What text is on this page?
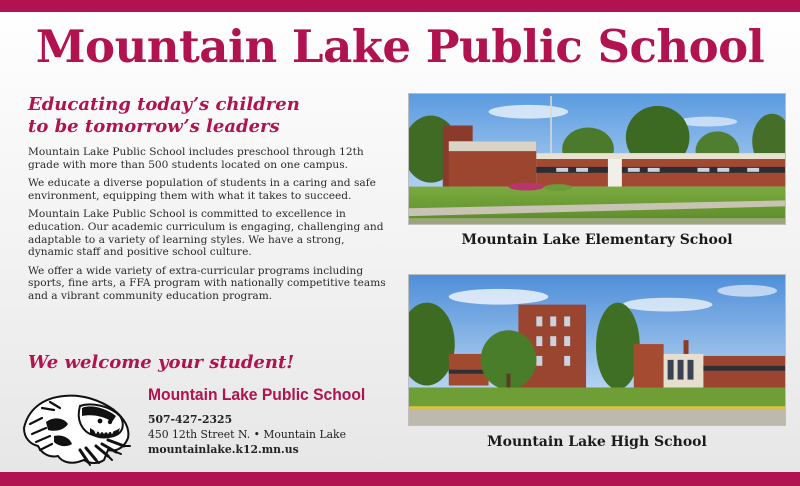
Mountain Lake Public School
Educating today’s children
to be tomorrow’s leaders

Mountain Lake Public School includes preschool through 12th grade with more than 500 students located on one campus.

We educate a diverse population of students in a caring and safe environment, equipping them with what it takes to succeed.

Mountain Lake Public School is committed to excellence in education. Our academic curriculum is engaging, challenging and adaptable to a variety of learning styles. We have a strong, dynamic staff and positive school culture.

We offer a wide variety of extra-curricular programs including sports, fine arts, a FFA program with nationally competitive teams and a vibrant community education program.

We welcome your student!
Mountain Lake Public School
507-427-2325
450 12th Street N. • Mountain Lake
mountainlake.k12.mn.us
Mountain Lake Elementary School
Mountain Lake High School
